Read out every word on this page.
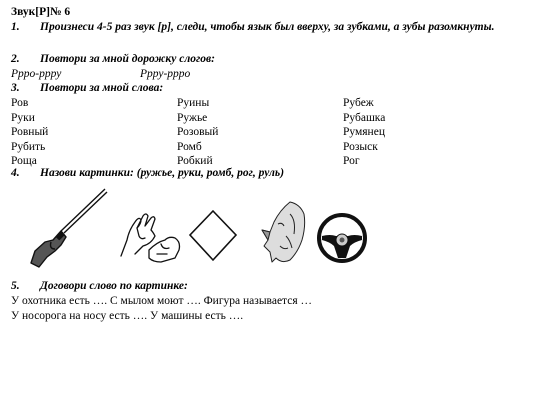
Звук[Р]№ 6
1. Произнеси 4-5 раз звук [р], следи, чтобы язык был вверху, за зубками, а зубы разомкнуты.
2. Повтори за мной дорожку слогов:
Ррро-ррру	Ррру-ррро
3. Повтори за мной слова:
Ров
Руки
Ровный
Рубить
Роща
Руины
Ружье
Розовый
Ромб
Робкий
Рубеж
Рубашка
Румянец
Розыск
Рог
4. Назови картинки: (ружье, руки, ромб, рог, руль)
5. Договори слово по картинке:
У охотника есть …. С мылом моют …. Фигура называется …
У носорога на носу есть …. У машины есть ….
